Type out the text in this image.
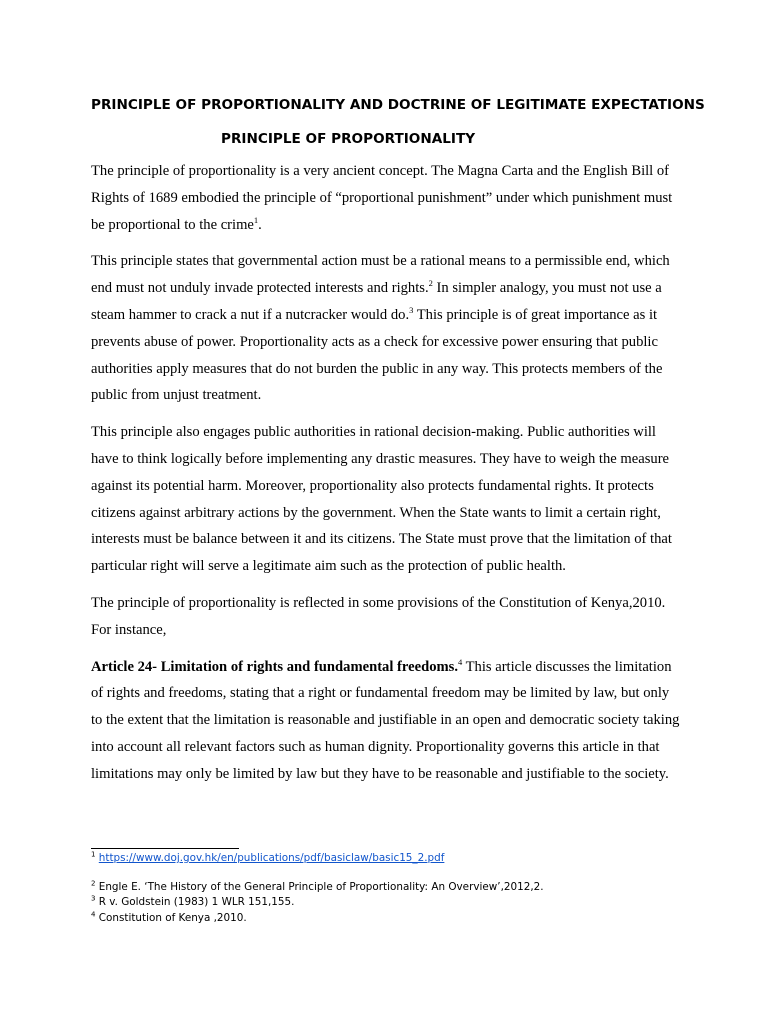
PRINCIPLE OF PROPORTIONALITY AND DOCTRINE OF LEGITIMATE EXPECTATIONS
PRINCIPLE OF PROPORTIONALITY

The principle of proportionality is a very ancient concept. The Magna Carta and the English Bill of Rights of 1689 embodied the principle of “proportional punishment” under which punishment must be proportional to the crime$^1$.

This principle states that governmental action must be a rational means to a permissible end, which end must not unduly invade protected interests and rights.$^2$ In simpler analogy, you must not use a steam hammer to crack a nut if a nutcracker would do.$^3$ This principle is of great importance as it prevents abuse of power. Proportionality acts as a check for excessive power ensuring that public authorities apply measures that do not burden the public in any way. This protects members of the public from unjust treatment.

This principle also engages public authorities in rational decision-making. Public authorities will have to think logically before implementing any drastic measures. They have to weigh the measure against its potential harm. Moreover, proportionality also protects fundamental rights. It protects citizens against arbitrary actions by the government. When the State wants to limit a certain right, interests must be balance between it and its citizens. The State must prove that the limitation of that particular right will serve a legitimate aim such as the protection of public health.

The principle of proportionality is reflected in some provisions of the Constitution of Kenya,2010. For instance,

Article 24- Limitation of rights and fundamental freedoms.$^4$ This article discusses the limitation of rights and freedoms, stating that a right or fundamental freedom may be limited by law, but only to the extent that the limitation is reasonable and justifiable in an open and democratic society taking into account all relevant factors such as human dignity. Proportionality governs this article in that limitations may only be limited by law but they have to be reasonable and justifiable to the society.

$^1$ https://www.doj.gov.hk/en/publications/pdf/basiclaw/basic15_2.pdf

$^2$ Engle E. ‘The History of the General Principle of Proportionality: An Overview’,2012,2.

$^3$ R v. Goldstein (1983) 1 WLR 151,155.

$^4$ Constitution of Kenya ,2010.
